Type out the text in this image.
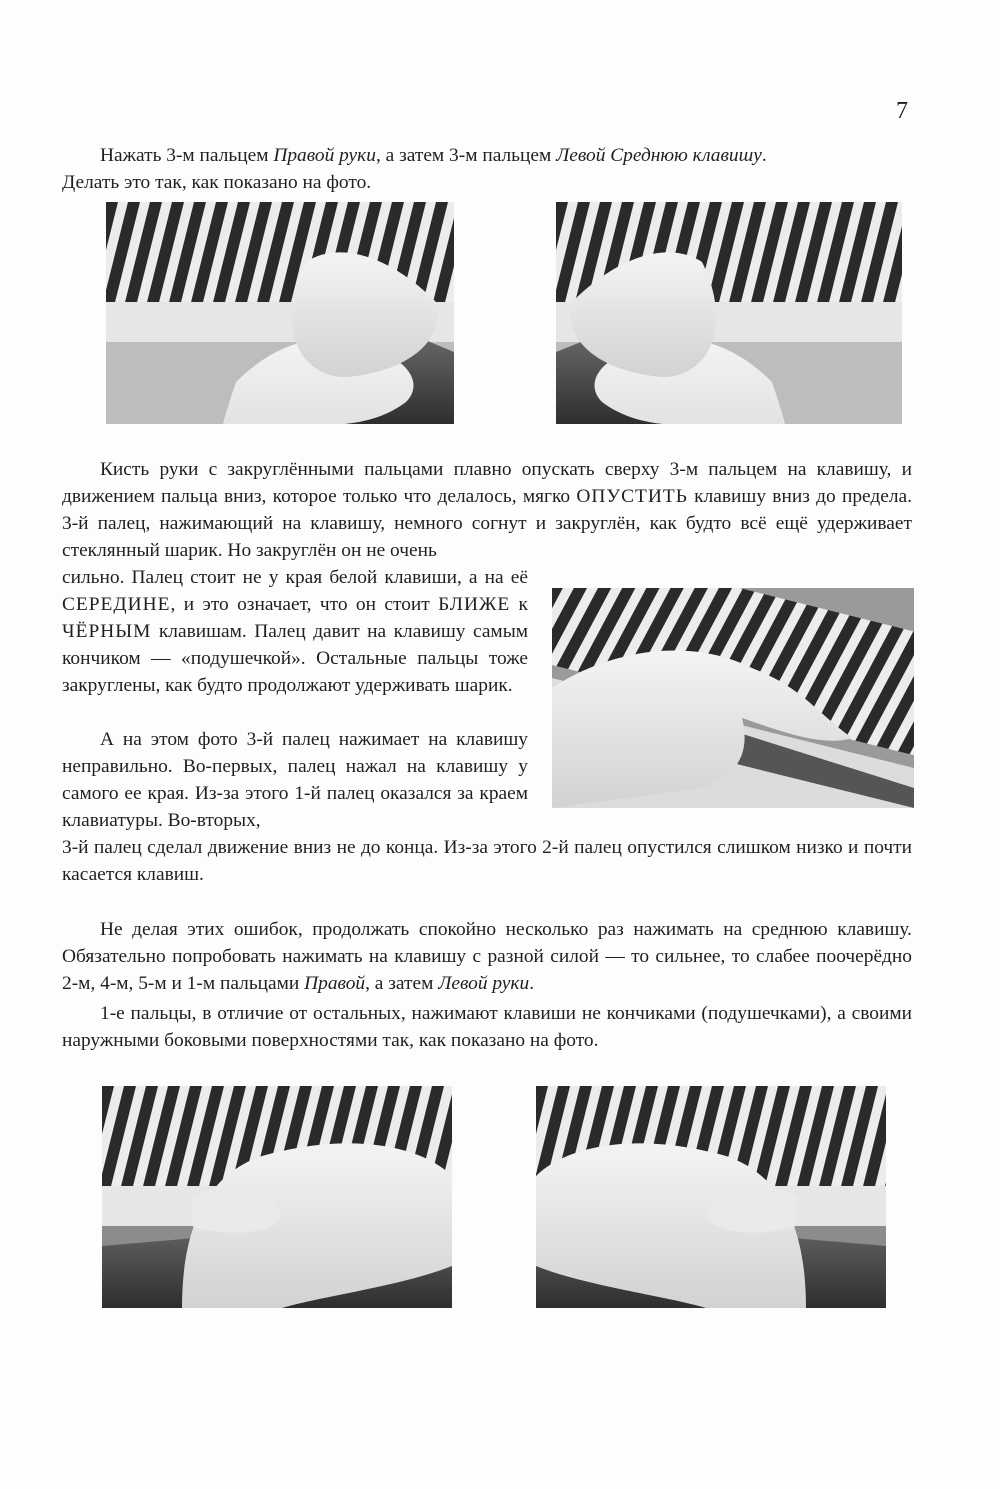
7

Нажать 3-м пальцем Правой руки, а затем 3-м пальцем Левой Среднюю клавишу.
Делать это так, как показано на фото.

Кисть руки с закруглёнными пальцами плавно опускать сверху 3-м пальцем на клавишу, и движением пальца вниз, которое только что делалось, мягко ОПУСТИТЬ клавишу вниз до предела. 3-й палец, нажимающий на клавишу, немного согнут и закруглён, как будто всё ещё удерживает стеклянный шарик. Но закруглён он не очень

сильно. Палец стоит не у края белой клавиши, а на её СЕРЕДИНЕ, и это означает, что он стоит БЛИЖЕ к ЧЁРНЫМ клавишам. Палец давит на клавишу самым кончиком — «подушечкой». Остальные пальцы тоже закруглены, как будто продолжают удерживать шарик.

А на этом фото 3-й палец нажимает на клавишу неправильно. Во-первых, палец нажал на клавишу у самого ее края. Из-за этого 1-й палец оказался за краем клавиатуры. Во-вторых,

3-й палец сделал движение вниз не до конца. Из-за этого 2-й палец опустился слишком низко и почти касается клавиш.

Не делая этих ошибок, продолжать спокойно несколько раз нажимать на среднюю клавишу. Обязательно попробовать нажимать на клавишу с разной силой — то сильнее, то слабее поочерёдно 2-м, 4-м, 5-м и 1-м пальцами Правой, а затем Левой руки.

1-е пальцы, в отличие от остальных, нажимают клавиши не кончиками (подушечками), а своими наружными боковыми поверхностями так, как показано на фото.
